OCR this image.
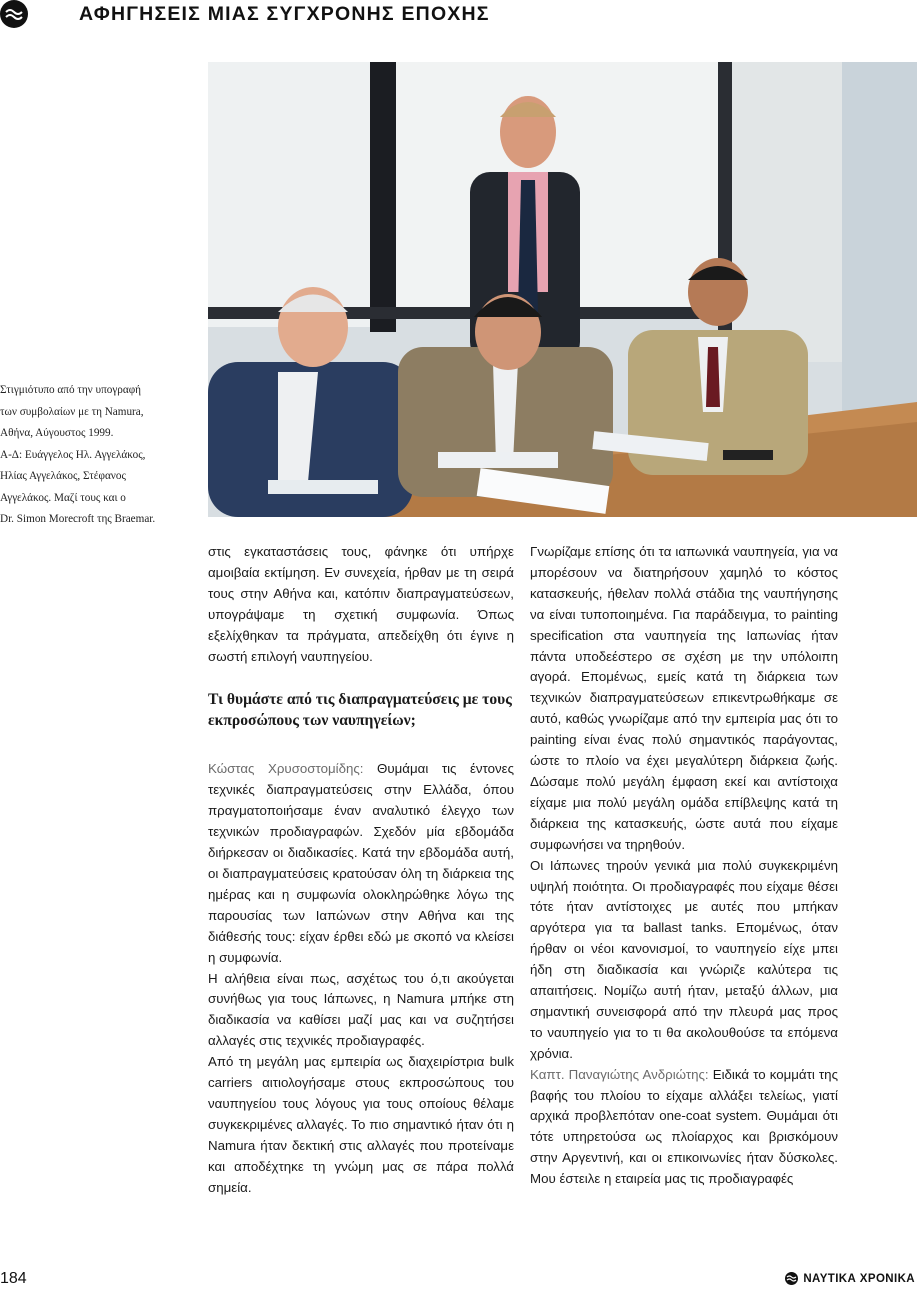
ΑΦΗΓΗΣΕΙΣ ΜΙΑΣ ΣΥΓΧΡΟΝΗΣ ΕΠΟΧΗΣ
Στιγμιότυπο από την υπογραφή
των συμβολαίων με τη Namura,
Αθήνα, Αύγουστος 1999.
Α-Δ: Ευάγγελος Ηλ. Αγγελάκος,
Ηλίας Αγγελάκος, Στέφανος
Αγγελάκος. Μαζί τους και ο
Dr. Simon Morecroft της Braemar.

στις εγκαταστάσεις τους, φάνηκε ότι υπήρχε αμοιβαία εκτίμηση. Εν συνεχεία, ήρθαν με τη σειρά τους στην Αθήνα και, κατόπιν διαπραγματεύσεων, υπογράψαμε τη σχετική συμφωνία. Όπως εξελίχθηκαν τα πράγματα, απεδείχθη ότι έγινε η σωστή επιλογή ναυπηγείου.

Τι θυμάστε από τις διαπραγματεύσεις με τους εκπροσώπους των ναυπηγείων;

Κώστας Χρυσοστομίδης: Θυμάμαι τις έντονες τεχνικές διαπραγματεύσεις στην Ελλάδα, όπου πραγματοποιήσαμε έναν αναλυτικό έλεγχο των τεχνικών προδιαγραφών. Σχεδόν μία εβδομάδα διήρκεσαν οι διαδικασίες. Κατά την εβδομάδα αυτή, οι διαπραγματεύσεις κρατούσαν όλη τη διάρκεια της ημέρας και η συμφωνία ολοκληρώθηκε λόγω της παρουσίας των Ιαπώνων στην Αθήνα και της διάθεσής τους: είχαν έρθει εδώ με σκοπό να κλείσει η συμφωνία.

Η αλήθεια είναι πως, ασχέτως του ό,τι ακούγεται συνήθως για τους Ιάπωνες, η Namura μπήκε στη διαδικασία να καθίσει μαζί μας και να συζητήσει αλλαγές στις τεχνικές προδιαγραφές.

Από τη μεγάλη μας εμπειρία ως διαχειρίστρια bulk carriers αιτιολογήσαμε στους εκπροσώπους του ναυπηγείου τους λόγους για τους οποίους θέλαμε συγκεκριμένες αλλαγές. Το πιο σημαντικό ήταν ότι η Namura ήταν δεκτική στις αλλαγές που προτείναμε και αποδέχτηκε τη γνώμη μας σε πάρα πολλά σημεία.

Γνωρίζαμε επίσης ότι τα ιαπωνικά ναυπηγεία, για να μπορέσουν να διατηρήσουν χαμηλό το κόστος κατασκευής, ήθελαν πολλά στάδια της ναυπήγησης να είναι τυποποιημένα. Για παράδειγμα, το painting specification στα ναυπηγεία της Ιαπωνίας ήταν πάντα υποδεέστερο σε σχέση με την υπόλοιπη αγορά. Επομένως, εμείς κατά τη διάρκεια των τεχνικών διαπραγματεύσεων επικεντρωθήκαμε σε αυτό, καθώς γνωρίζαμε από την εμπειρία μας ότι το painting είναι ένας πολύ σημαντικός παράγοντας, ώστε το πλοίο να έχει μεγαλύτερη διάρκεια ζωής. Δώσαμε πολύ μεγάλη έμφαση εκεί και αντίστοιχα είχαμε μια πολύ μεγάλη ομάδα επίβλεψης κατά τη διάρκεια της κατασκευής, ώστε αυτά που είχαμε συμφωνήσει να τηρηθούν.

Οι Ιάπωνες τηρούν γενικά μια πολύ συγκεκριμένη υψηλή ποιότητα. Οι προδιαγραφές που είχαμε θέσει τότε ήταν αντίστοιχες με αυτές που μπήκαν αργότερα για τα ballast tanks. Επομένως, όταν ήρθαν οι νέοι κανονισμοί, το ναυπηγείο είχε μπει ήδη στη διαδικασία και γνώριζε καλύτερα τις απαιτήσεις. Νομίζω αυτή ήταν, μεταξύ άλλων, μια σημαντική συνεισφορά από την πλευρά μας προς το ναυπηγείο για το τι θα ακολουθούσε τα επόμενα χρόνια.

Καπτ. Παναγιώτης Ανδριώτης: Ειδικά το κομμάτι της βαφής του πλοίου το είχαμε αλλάξει τελείως, γιατί αρχικά προβλεπόταν one-coat system. Θυμάμαι ότι τότε υπηρετούσα ως πλοίαρχος και βρισκόμουν στην Αργεντινή, και οι επικοινωνίες ήταν δύσκολες. Μου έστειλε η εταιρεία μας τις προδιαγραφές

184	ΝΑΥΤΙΚΑ ΧΡΟΝΙΚΑ
